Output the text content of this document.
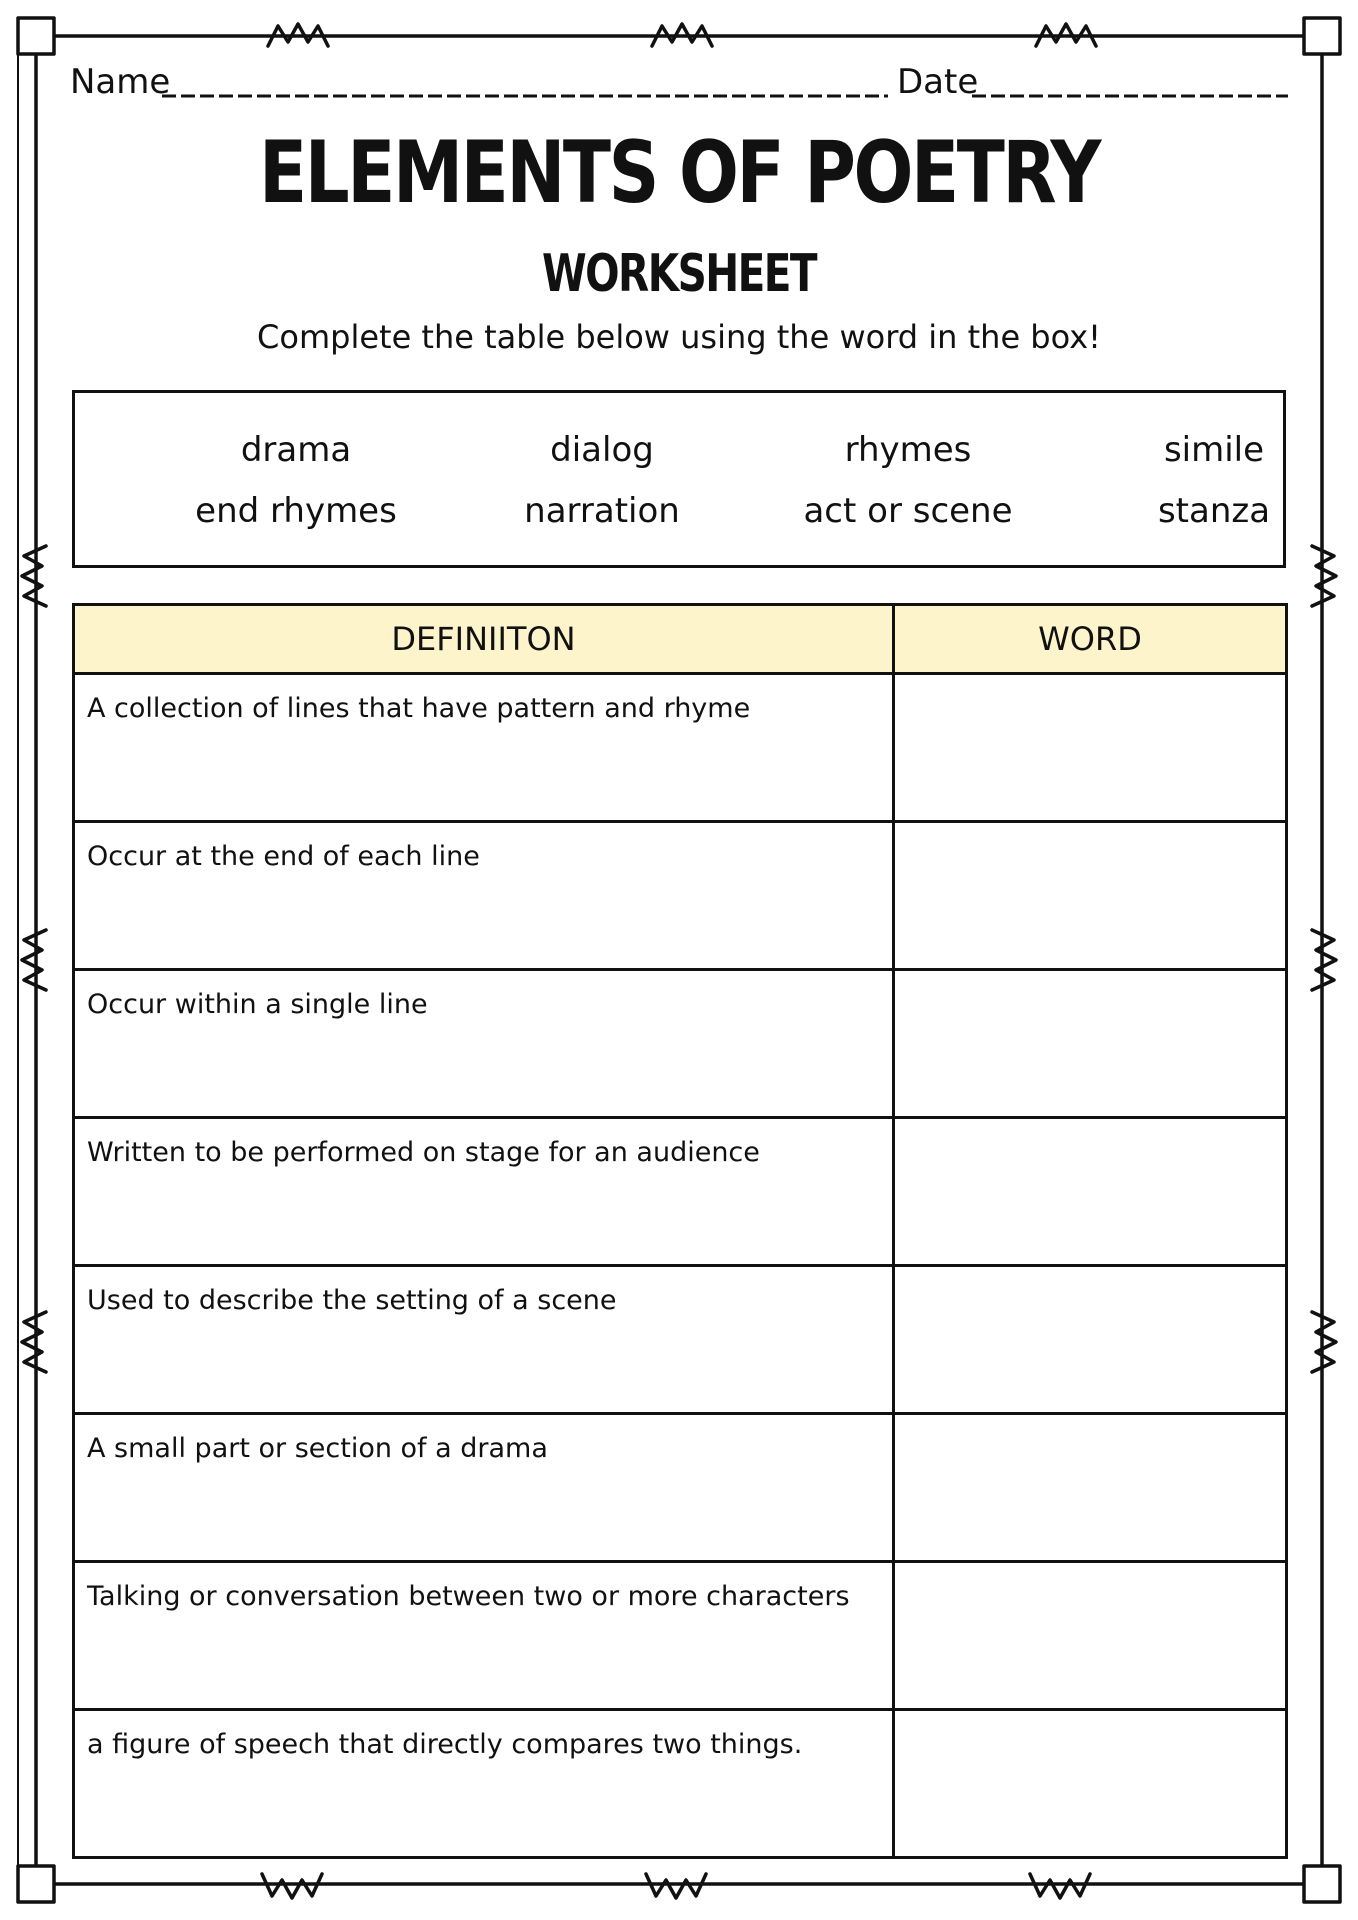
Name	Date
ELEMENTS OF POETRY
WORKSHEET
Complete the table below using the word in the box!
drama	dialog	rhymes	simile
end rhymes	narration	act or scene	stanza
DEFINIITON	WORD

A collection of lines that have pattern and rhyme	

Occur at the end of each line	

Occur within a single line	

Written to be performed on stage for an audience	

Used to describe the setting of a scene	

A small part or section of a drama	

Talking or conversation between two or more characters	

a figure of speech that directly compares two things.	
